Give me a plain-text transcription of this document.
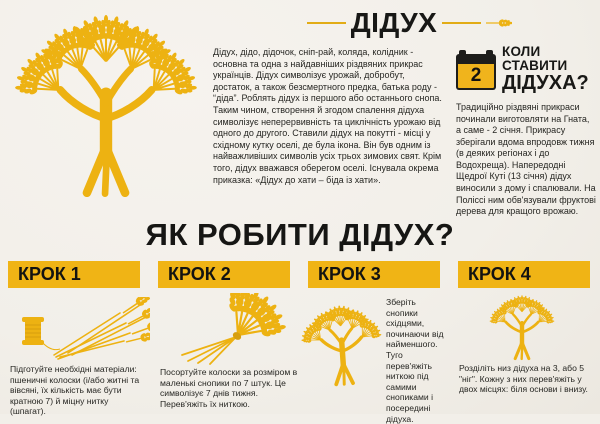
ДІДУХ
Дідух, дідо, дідочок, сніп-рай, коляда, колідник - основна та одна з найдавніших різдвяних прикрас українців. Дідух символізує урожай, добробут, достаток, а також безсмертного предка, батька роду - “діда”. Роблять дідух із першого або останнього снопа. Таким чином, створення й згодом спалення дідуха символізує неперервивність та циклічність урожаю від одного до другого. Ставили дідух на покутті - місці у східному кутку оселі, де була ікона. Він був одним із найважливіших символів усіх трьох зимових свят. Крім того, дідух вважався оберегом оселі. Існувала окрема приказка: «Дідух до хати – біда із хати».
2
КОЛИ СТАВИТИ
ДІДУХА?
Традиційно різдвяні прикраси починали виготовляти на Гната, а саме - 2 січня. Прикрасу зберігали вдома впродовж тижня (в деяких регіонах і до Водохреща). Напередодні Щедрої Куті (13 січня) дідух виносили з дому і спалювали. На Поліссі ним обв'язували фруктові дерева для кращого врожаю.
ЯК РОБИТИ ДІДУХ?
КРОК 1	КРОК 2	КРОК 3	КРОК 4
Підготуйте необхідні матеріали: пшеничні колоски (і/або житні та вівсяні, їх кількість має бути кратною 7) й міцну нитку (шпагат).
Посортуйте колоски за розміром в маленькі снопики по 7 штук. Це символізує 7 днів тижня. Перев'яжіть їх ниткою.
Зберіть снопики східцями, починаючи від найменшого. Туго перев'яжіть ниткою під самими снопиками і посередині дідуха.
Розділіть низ дідуха на 3, або 5 "ніг". Кожну з них перев'яжіть у двох місцях: біля основи і внизу.
